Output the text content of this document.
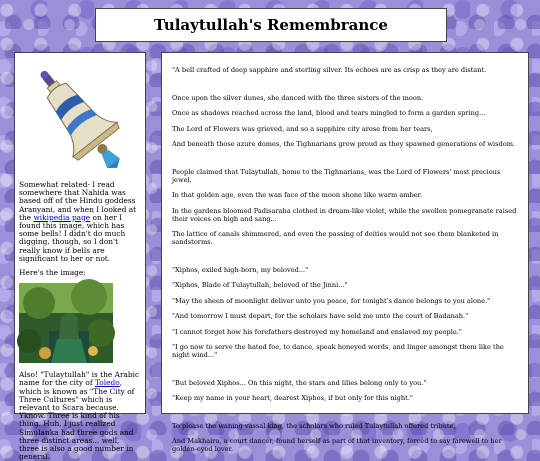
Tulaytullah's Remembrance

Somewhat related- I read somewhere that Nahida was based off of the Hindu goddess Aranyani, and when I looked at the wikipedia page on her I found this image, which has some bells! I didn't do much digging, though, so I don't really know if bells are significant to her or not.

Here's the image:

Also! "Tulaytullah" is the Arabic name for the city of Toledo, which is known as "The City of Three Cultures" which is relevant to Scara because. Yknow. Three is kind of his thing. Huh, I just realized Simulanka had three gods and three distinct areas... well, three is also a good number in general.

"A bell crafted of deep sapphire and sterling silver. Its echoes are as crisp as they are distant.

Once upon the silver dunes, she danced with the three sisters of the moon.

Once as shadows reached across the land, blood and tears mingled to form a garden spring...

The Lord of Flowers was grieved, and so a sapphire city arose from her tears,

And beneath those azure domes, the Tighnarians grew proud as they spawned generations of wisdom.

People claimed that Tulaytullah, home to the Tighnarians, was the Lord of Flowers' most precious jewel.

In that golden age, even the wan face of the moon shone like warm amber.

In the gardens bloomed Padisaraha clothed in dream-like violet, while the swollen pomegranate raised their voices on high and sang...

The lattice of canals shimmered, and even the passing of deities would not see them blanketed in sandstorms.

"Xiphos, exiled high-born, my beloved..."

"Xiphos, Blade of Tulaytullah, beloved of the Jinni..."

"May the sheen of moonlight deliver unto you peace, for tonight's dance belongs to you alone."

"And tomorrow I must depart, for the scholars have sold me unto the court of Badanah."

"I cannot forget how his forefathers destroyed my homeland and enslaved my people."

"I go now to serve the hated foe, to dance, speak honeyed words, and linger amongst them like the night wind..."

"But beloved Xiphos... On this night, the stars and lilies belong only to you."

"Keep my name in your heart, dearest Xiphos, if but only for this night."

To please the waning vassal king, the scholars who ruled Tulaytullah offered tribute,

And Makhaira, a court dancer, found herself as part of that inventory, forced to say farewell to her golden-eyed lover.
